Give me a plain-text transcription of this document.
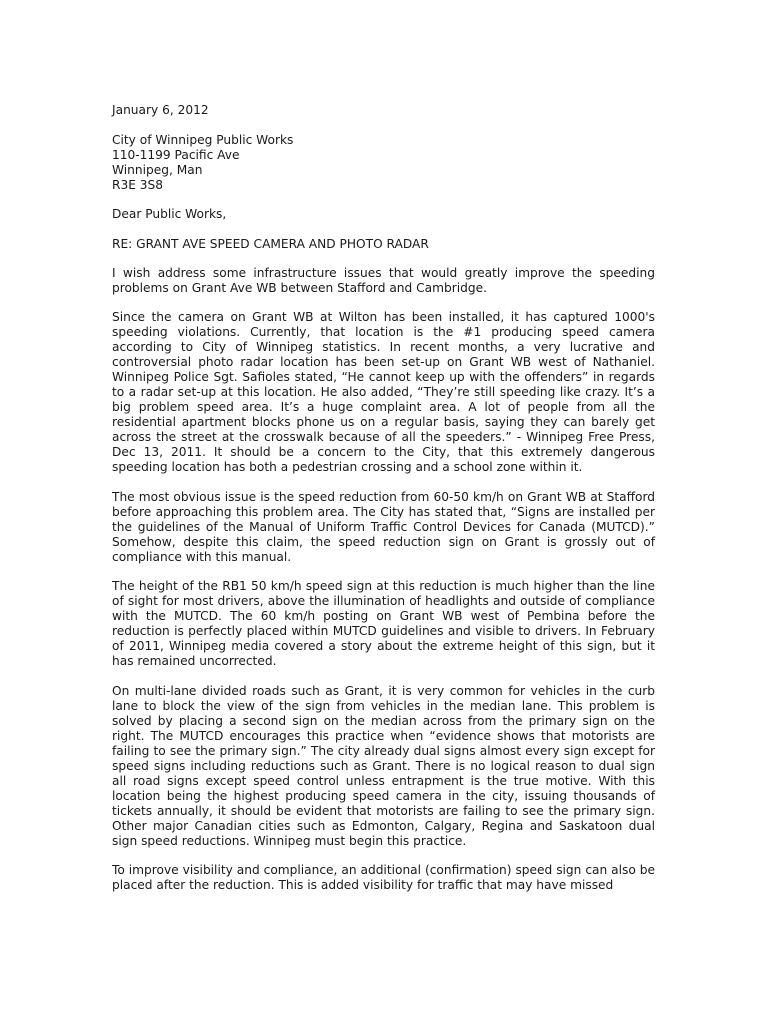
January 6, 2012
City of Winnipeg Public Works
110-1199 Pacific Ave
Winnipeg, Man
R3E 3S8
Dear Public Works,
RE: GRANT AVE SPEED CAMERA AND PHOTO RADAR

I wish address some infrastructure issues that would greatly improve the speeding problems on Grant Ave WB between Stafford and Cambridge.

Since the camera on Grant WB at Wilton has been installed, it has captured 1000's speeding violations. Currently, that location is the #1 producing speed camera according to City of Winnipeg statistics. In recent months, a very lucrative and controversial photo radar location has been set-up on Grant WB west of Nathaniel. Winnipeg Police Sgt. Safioles stated, “He cannot keep up with the offenders” in regards to a radar set-up at this location. He also added, “They’re still speeding like crazy. It’s a big problem speed area. It’s a huge complaint area. A lot of people from all the residential apartment blocks phone us on a regular basis, saying they can barely get across the street at the crosswalk because of all the speeders.” - Winnipeg Free Press, Dec 13, 2011. It should be a concern to the City, that this extremely dangerous speeding location has both a pedestrian crossing and a school zone within it.

The most obvious issue is the speed reduction from 60-50 km/h on Grant WB at Stafford before approaching this problem area. The City has stated that, “Signs are installed per the guidelines of the Manual of Uniform Traffic Control Devices for Canada (MUTCD).” Somehow, despite this claim, the speed reduction sign on Grant is grossly out of compliance with this manual.

The height of the RB1 50 km/h speed sign at this reduction is much higher than the line of sight for most drivers, above the illumination of headlights and outside of compliance with the MUTCD. The 60 km/h posting on Grant WB west of Pembina before the reduction is perfectly placed within MUTCD guidelines and visible to drivers. In February of 2011, Winnipeg media covered a story about the extreme height of this sign, but it has remained uncorrected.

On multi-lane divided roads such as Grant, it is very common for vehicles in the curb lane to block the view of the sign from vehicles in the median lane. This problem is solved by placing a second sign on the median across from the primary sign on the right. The MUTCD encourages this practice when “evidence shows that motorists are failing to see the primary sign.” The city already dual signs almost every sign except for speed signs including reductions such as Grant. There is no logical reason to dual sign all road signs except speed control unless entrapment is the true motive. With this location being the highest producing speed camera in the city, issuing thousands of tickets annually, it should be evident that motorists are failing to see the primary sign. Other major Canadian cities such as Edmonton, Calgary, Regina and Saskatoon dual sign speed reductions. Winnipeg must begin this practice.

To improve visibility and compliance, an additional (confirmation) speed sign can also be placed after the reduction. This is added visibility for traffic that may have missed
